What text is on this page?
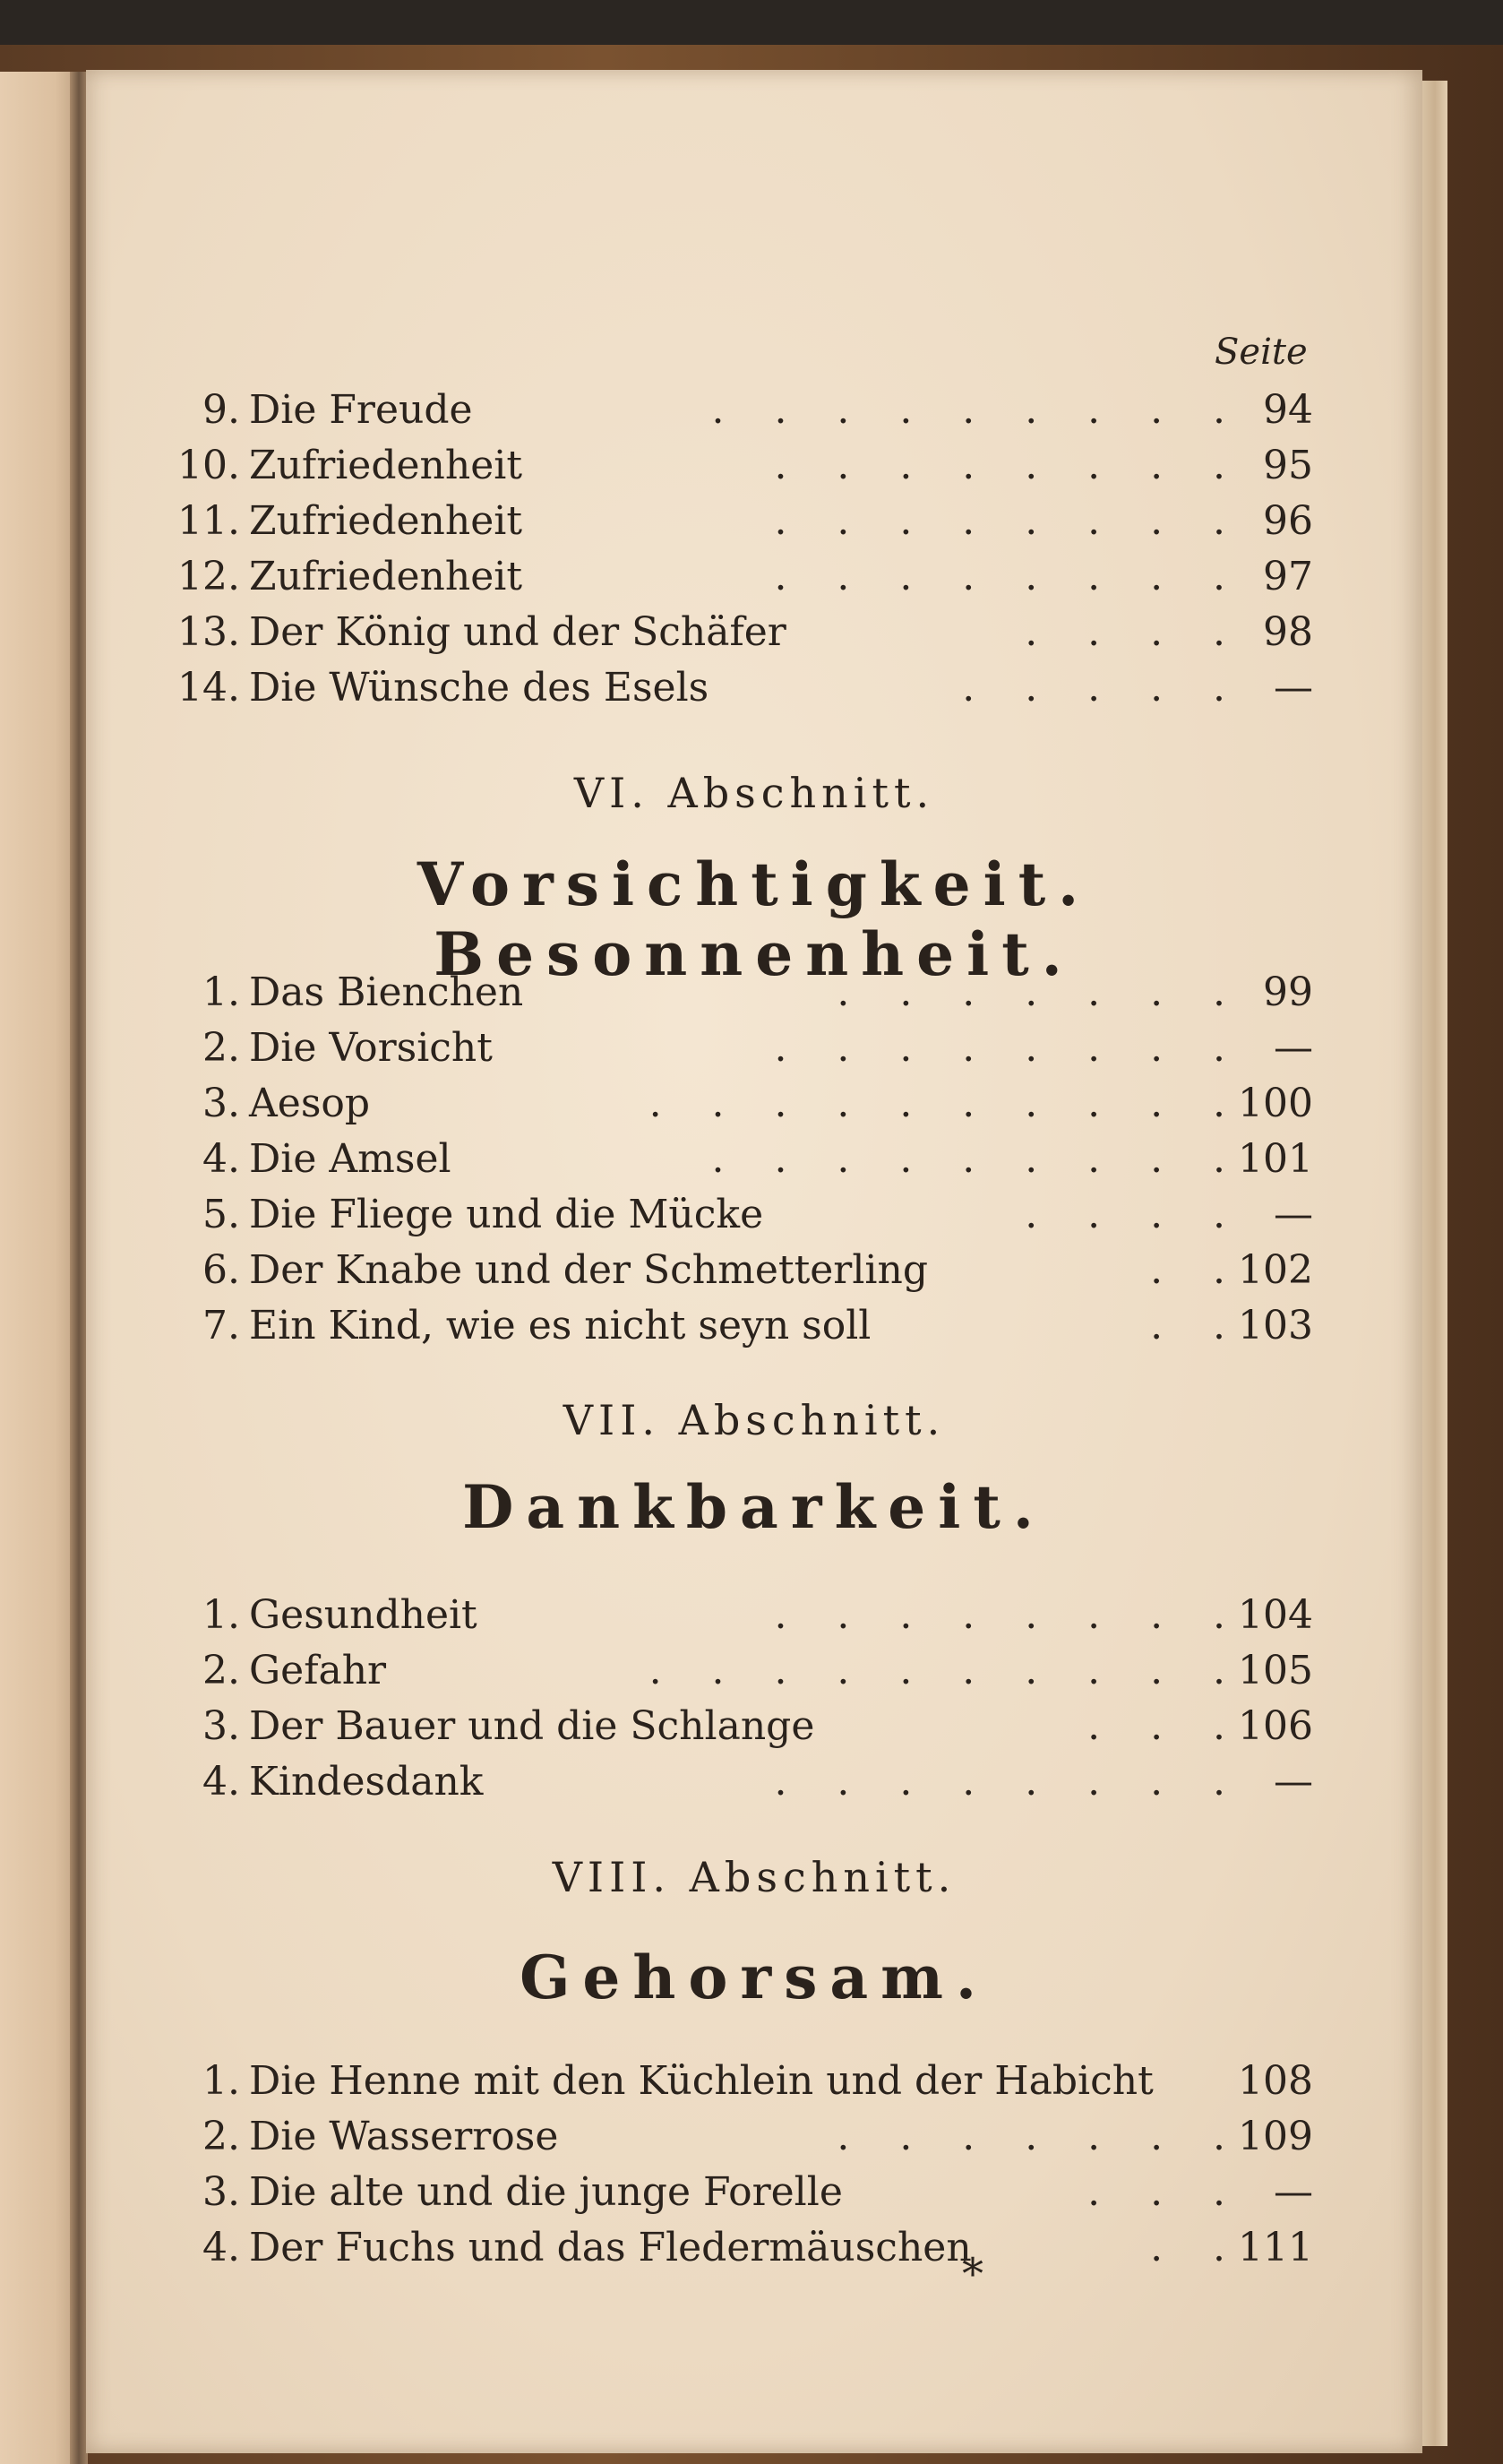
Seite
9. Die Freude	.    .    .    .    .    .    .    .    . 94
10. Zufriedenheit	.    .    .    .    .    .    .    . 95
11. Zufriedenheit	.    .    .    .    .    .    .    . 96
12. Zufriedenheit	.    .    .    .    .    .    .    . 97
13. Der König und der Schäfer	.    .    .    . 98
14. Die Wünsche des Esels	.    .    .    .    .	—
VI. Abschnitt.
Vorsichtigkeit. Besonnenheit.
1. Das Bienchen	.    .    .    .    .    .    . 99
2. Die Vorsicht	.    .    .    .    .    .    .    .	—
3. Aesop	.    .    .    .    .    .    .    .    .    . 100
4. Die Amsel	.    .    .    .    .    .    .    .    . 101
5. Die Fliege und die Mücke	.    .    .    .	—
6. Der Knabe und der Schmetterling	.    . 102
7. Ein Kind, wie es nicht seyn soll	.    . 103
VII. Abschnitt.
Dankbarkeit.
1. Gesundheit	.    .    .    .    .    .    .    . 104
2. Gefahr	.    .    .    .    .    .    .    .    .    . 105
3. Der Bauer und die Schlange	.    .    . 106
4. Kindesdank	.    .    .    .    .    .    .    .	—
VIII. Abschnitt.
Gehorsam.
1. Die Henne mit den Küchlein und der Habicht	108
2. Die Wasserrose	.    .    .    .    .    .    . 109
3. Die alte und die junge Forelle	.    .    .	—
4. Der Fuchs und das Fledermäuschen	.    . 111
*
